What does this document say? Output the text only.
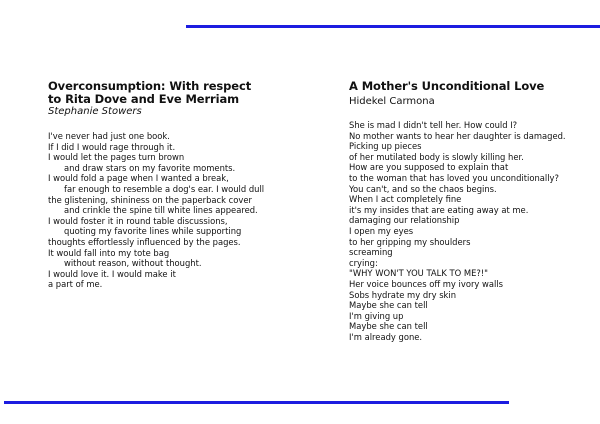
Overconsumption: With respect
to Rita Dove and Eve Merriam
Stephanie Stowers
I've never had just one book.
If I did I would rage through it.
I would let the pages turn brown
and draw stars on my favorite moments.
I would fold a page when I wanted a break,
far enough to resemble a dog's ear. I would dull
the glistening, shininess on the paperback cover
and crinkle the spine till white lines appeared.
I would foster it in round table discussions,
quoting my favorite lines while supporting
thoughts effortlessly influenced by the pages.
It would fall into my tote bag
without reason, without thought.
I would love it. I would make it
a part of me.
A Mother's Unconditional Love
Hidekel Carmona
She is mad I didn't tell her. How could I?
No mother wants to hear her daughter is damaged.
Picking up pieces
of her mutilated body is slowly killing her.
How are you supposed to explain that
to the woman that has loved you unconditionally?
You can't, and so the chaos begins.
When I act completely fine
it's my insides that are eating away at me.
damaging our relationship
I open my eyes
to her gripping my shoulders
screaming
crying:
"WHY WON'T YOU TALK TO ME?!"
Her voice bounces off my ivory walls
Sobs hydrate my dry skin
Maybe she can tell
I'm giving up
Maybe she can tell
I'm already gone.
